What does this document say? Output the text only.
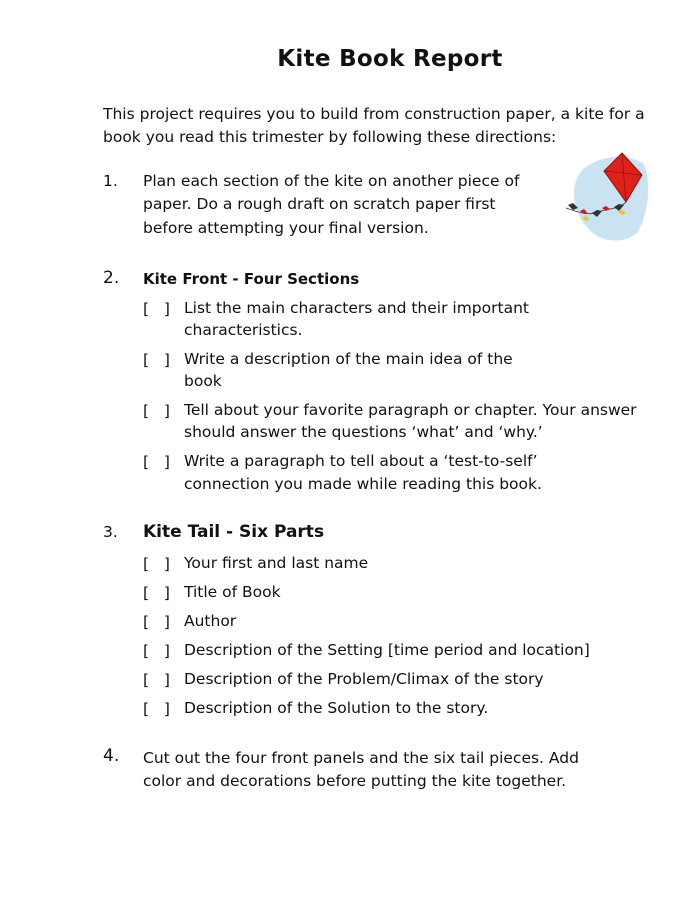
Kite Book Report
This project requires you to build from construction paper, a kite for a book you read this trimester by following these directions:
1. Plan each section of the kite on another piece of
paper. Do a rough draft on scratch paper first
before attempting your final version.
2. Kite Front - Four Sections
[   ] List the main characters and their important
characteristics.
[   ] Write a description of the main idea of the
book
[   ] Tell about your favorite paragraph or chapter. Your answer
should answer the questions ‘what’ and ‘why.’
[   ] Write a paragraph to tell about a ‘test-to-self’
connection you made while reading this book.
3. Kite Tail - Six Parts
[   ] Your first and last name
[   ] Title of Book
[   ] Author
[   ] Description of the Setting [time period and location]
[   ] Description of the Problem/Climax of the story
[   ] Description of the Solution to the story.
4. Cut out the four front panels and the six tail pieces. Add
color and decorations before putting the kite together.
